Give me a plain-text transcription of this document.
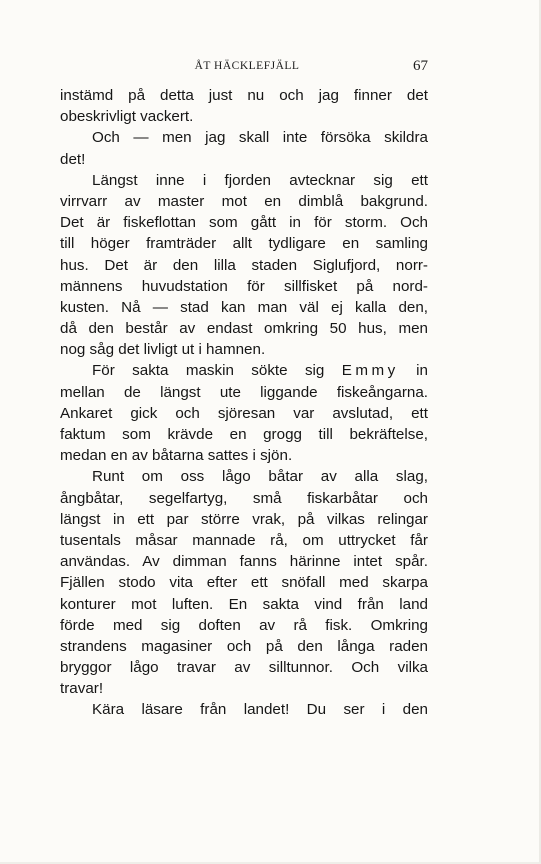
ÅT HÄCKLEFJÄLL	67
instämd på detta just nu och jag finner det
obeskrivligt vackert.
Och — men jag skall inte försöka skildra
det!
Längst inne i fjorden avtecknar sig ett
virrvarr av master mot en dimblå bakgrund.
Det är fiskeflottan som gått in för storm. Och
till höger framträder allt tydligare en samling
hus. Det är den lilla staden Siglufjord, norr-
männens huvudstation för sillfisket på nord-
kusten. Nå — stad kan man väl ej kalla den,
då den består av endast omkring 50 hus, men
nog såg det livligt ut i hamnen.
För sakta maskin sökte sig Emmy in
mellan de längst ute liggande fiskeångarna.
Ankaret gick och sjöresan var avslutad, ett
faktum som krävde en grogg till bekräftelse,
medan en av båtarna sattes i sjön.
Runt om oss lågo båtar av alla slag,
ångbåtar, segelfartyg, små fiskarbåtar och
längst in ett par större vrak, på vilkas relingar
tusentals måsar mannade rå, om uttrycket får
användas. Av dimman fanns härinne intet spår.
Fjällen stodo vita efter ett snöfall med skarpa
konturer mot luften. En sakta vind från land
förde med sig doften av rå fisk. Omkring
strandens magasiner och på den långa raden
bryggor lågo travar av silltunnor. Och vilka
travar!
Kära läsare från landet! Du ser i den
